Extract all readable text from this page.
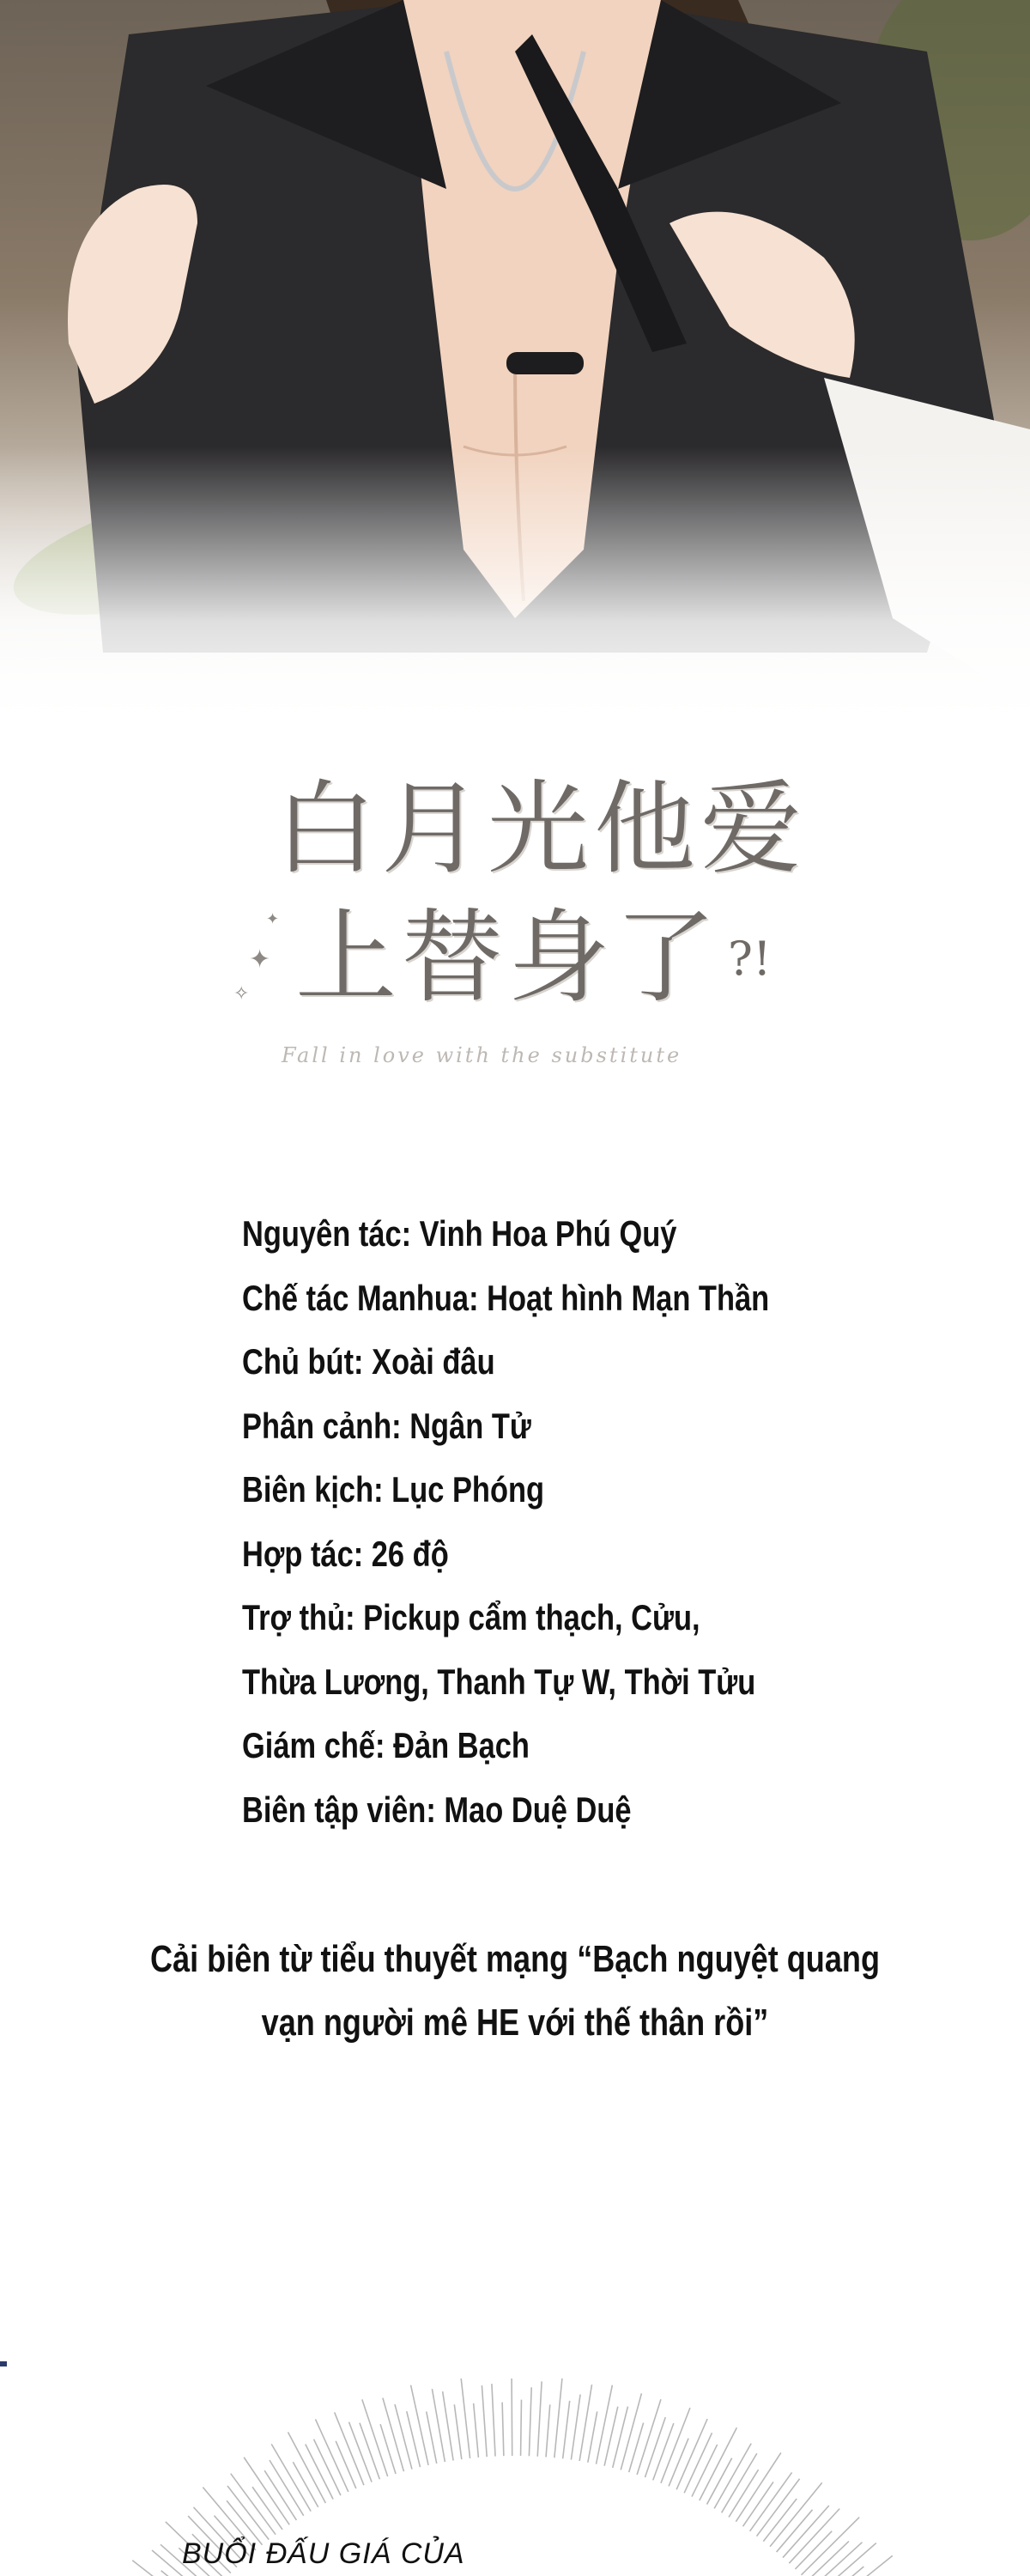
白月光他爱
上替身了 ?!
Fall in love with the substitute
✦
✧
✦
Nguyên tác: Vinh Hoa Phú Quý
Chế tác Manhua: Hoạt hình Mạn Thần
Chủ bút: Xoài đâu
Phân cảnh: Ngân Tử
Biên kịch: Lục Phóng
Hợp tác: 26 độ
Trợ thủ: Pickup cẩm thạch, Cửu,
Thừa Lương, Thanh Tự W, Thời Tửu
Giám chế: Đản Bạch
Biên tập viên: Mao Duệ Duệ
Cải biên từ tiểu thuyết mạng “Bạch nguyệt quang
vạn người mê HE với thế thân rồi”
BUỔI ĐẤU GIÁ CỦA
